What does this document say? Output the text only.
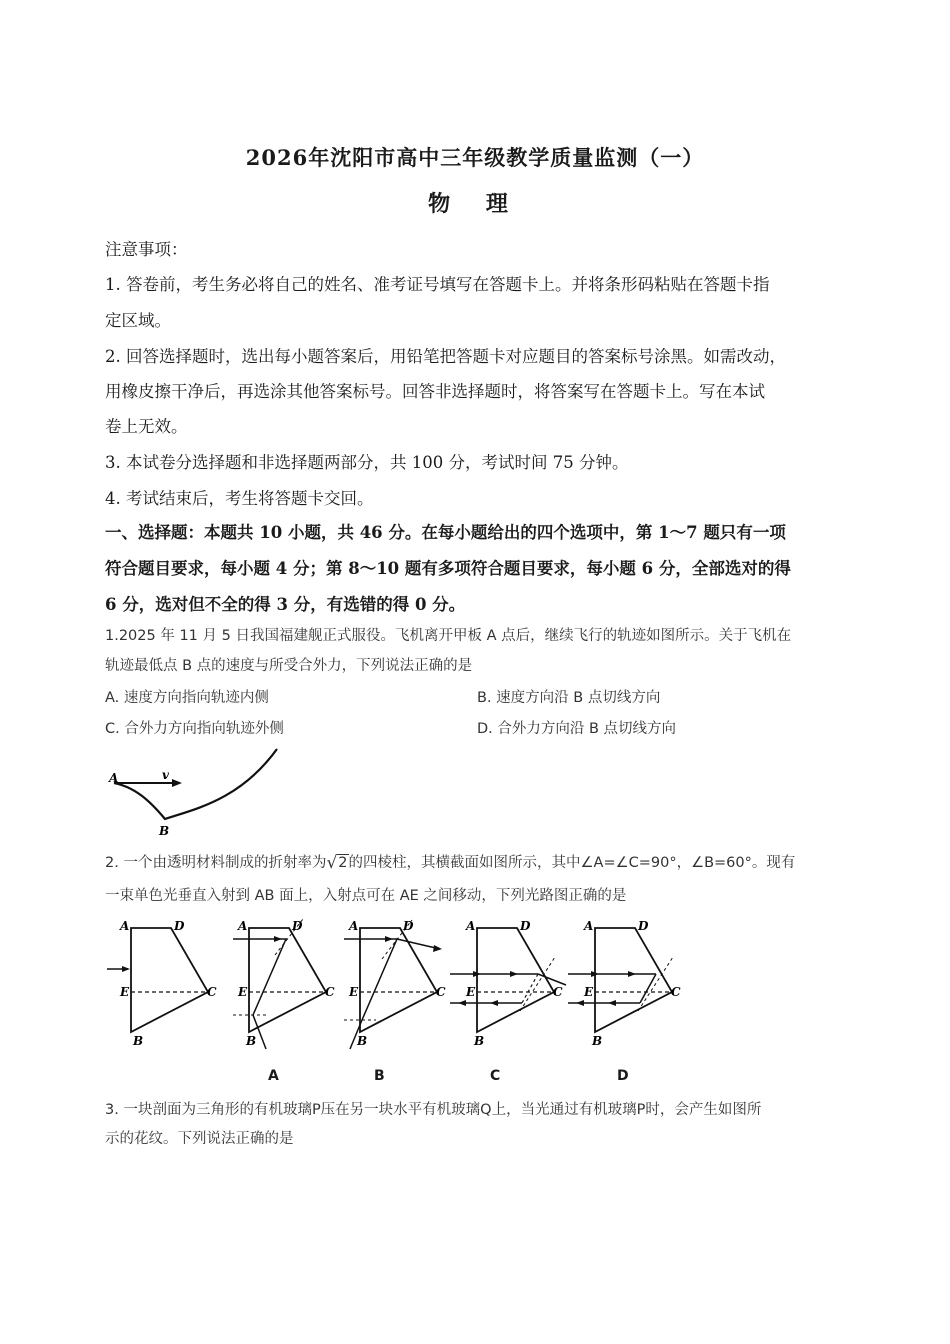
2026年沈阳市高中三年级教学质量监测（一）
物 理
注意事项：
1. 答卷前，考生务必将自己的姓名、准考证号填写在答题卡上。并将条形码粘贴在答题卡指
定区域。
2. 回答选择题时，选出每小题答案后，用铅笔把答题卡对应题目的答案标号涂黑。如需改动，
用橡皮擦干净后，再选涂其他答案标号。回答非选择题时，将答案写在答题卡上。写在本试
卷上无效。
3. 本试卷分选择题和非选择题两部分，共 100 分，考试时间 75 分钟。
4. 考试结束后，考生将答题卡交回。
一、选择题：本题共 10 小题，共 46 分。在每小题给出的四个选项中，第 1～7 题只有一项
符合题目要求，每小题 4 分；第 8～10 题有多项符合题目要求，每小题 6 分，全部选对的得
6 分，选对但不全的得 3 分，有选错的得 0 分。
1.2025 年 11 月 5 日我国福建舰正式服役。飞机离开甲板 A 点后，继续飞行的轨迹如图所示。关于飞机在
轨迹最低点 B 点的速度与所受合外力，下列说法正确的是
A. 速度方向指向轨迹内侧	B. 速度方向沿 B 点切线方向
C. 合外力方向指向轨迹外侧	D. 合外力方向沿 B 点切线方向
A	v
B
2. 一个由透明材料制成的折射率为√2的四棱柱，其横截面如图所示，其中∠A=∠C=90°，∠B=60°。现有
一束单色光垂直入射到 AB 面上，入射点可在 AE 之间移动，下列光路图正确的是
A	D
E	C
B
A	D
E	C
B
A	D
E	C
B
A	D
E	C
B
A	D
E	C
B
A	B	C	D
3. 一块剖面为三角形的有机玻璃P压在另一块水平有机玻璃Q上，当光通过有机玻璃P时，会产生如图所
示的花纹。下列说法正确的是
